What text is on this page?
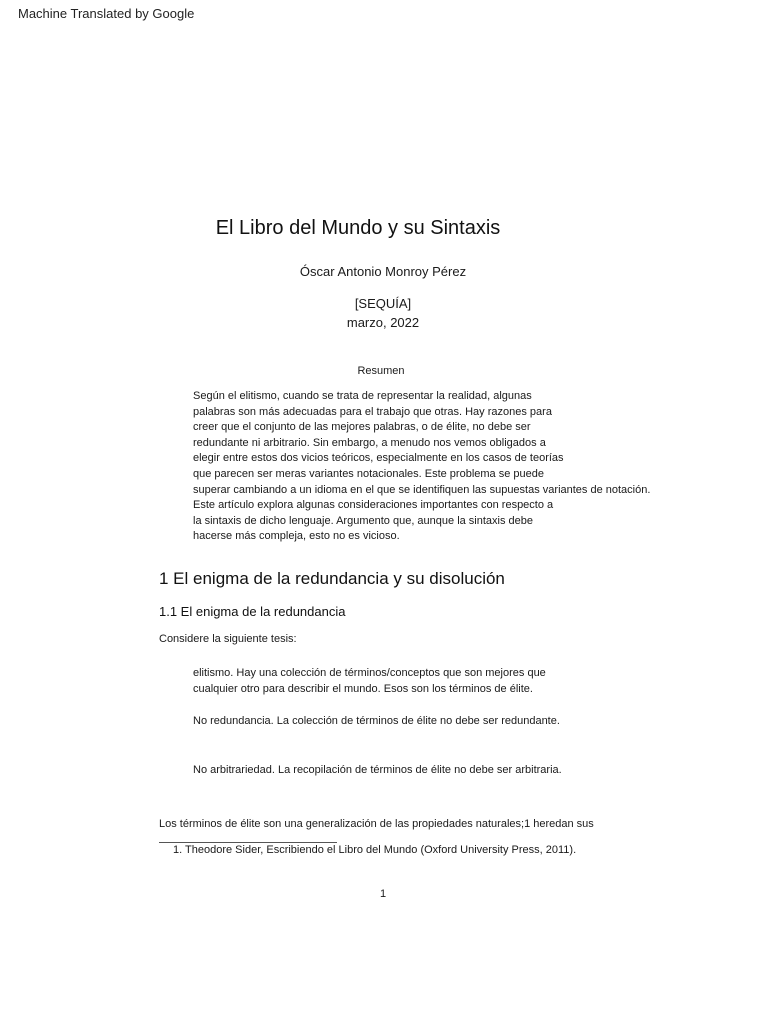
Machine Translated by Google
El Libro del Mundo y su Sintaxis
Óscar Antonio Monroy Pérez
[SEQUÍA]
marzo, 2022
Resumen
Según el elitismo, cuando se trata de representar la realidad, algunas
palabras son más adecuadas para el trabajo que otras. Hay razones para
creer que el conjunto de las mejores palabras, o de élite, no debe ser
redundante ni arbitrario. Sin embargo, a menudo nos vemos obligados a
elegir entre estos dos vicios teóricos, especialmente en los casos de teorías
que parecen ser meras variantes notacionales. Este problema se puede
superar cambiando a un idioma en el que se identifiquen las supuestas variantes de notación.
Este artículo explora algunas consideraciones importantes con respecto a
la sintaxis de dicho lenguaje. Argumento que, aunque la sintaxis debe
hacerse más compleja, esto no es vicioso.
1 El enigma de la redundancia y su disolución
1.1 El enigma de la redundancia
Considere la siguiente tesis:
elitismo. Hay una colección de términos/conceptos que son mejores que
cualquier otro para describir el mundo. Esos son los términos de élite.
No redundancia. La colección de términos de élite no debe ser redundante.
No arbitrariedad. La recopilación de términos de élite no debe ser arbitraria.
Los términos de élite son una generalización de las propiedades naturales;1 heredan sus
1. Theodore Sider, Escribiendo el Libro del Mundo (Oxford University Press, 2011).
1
